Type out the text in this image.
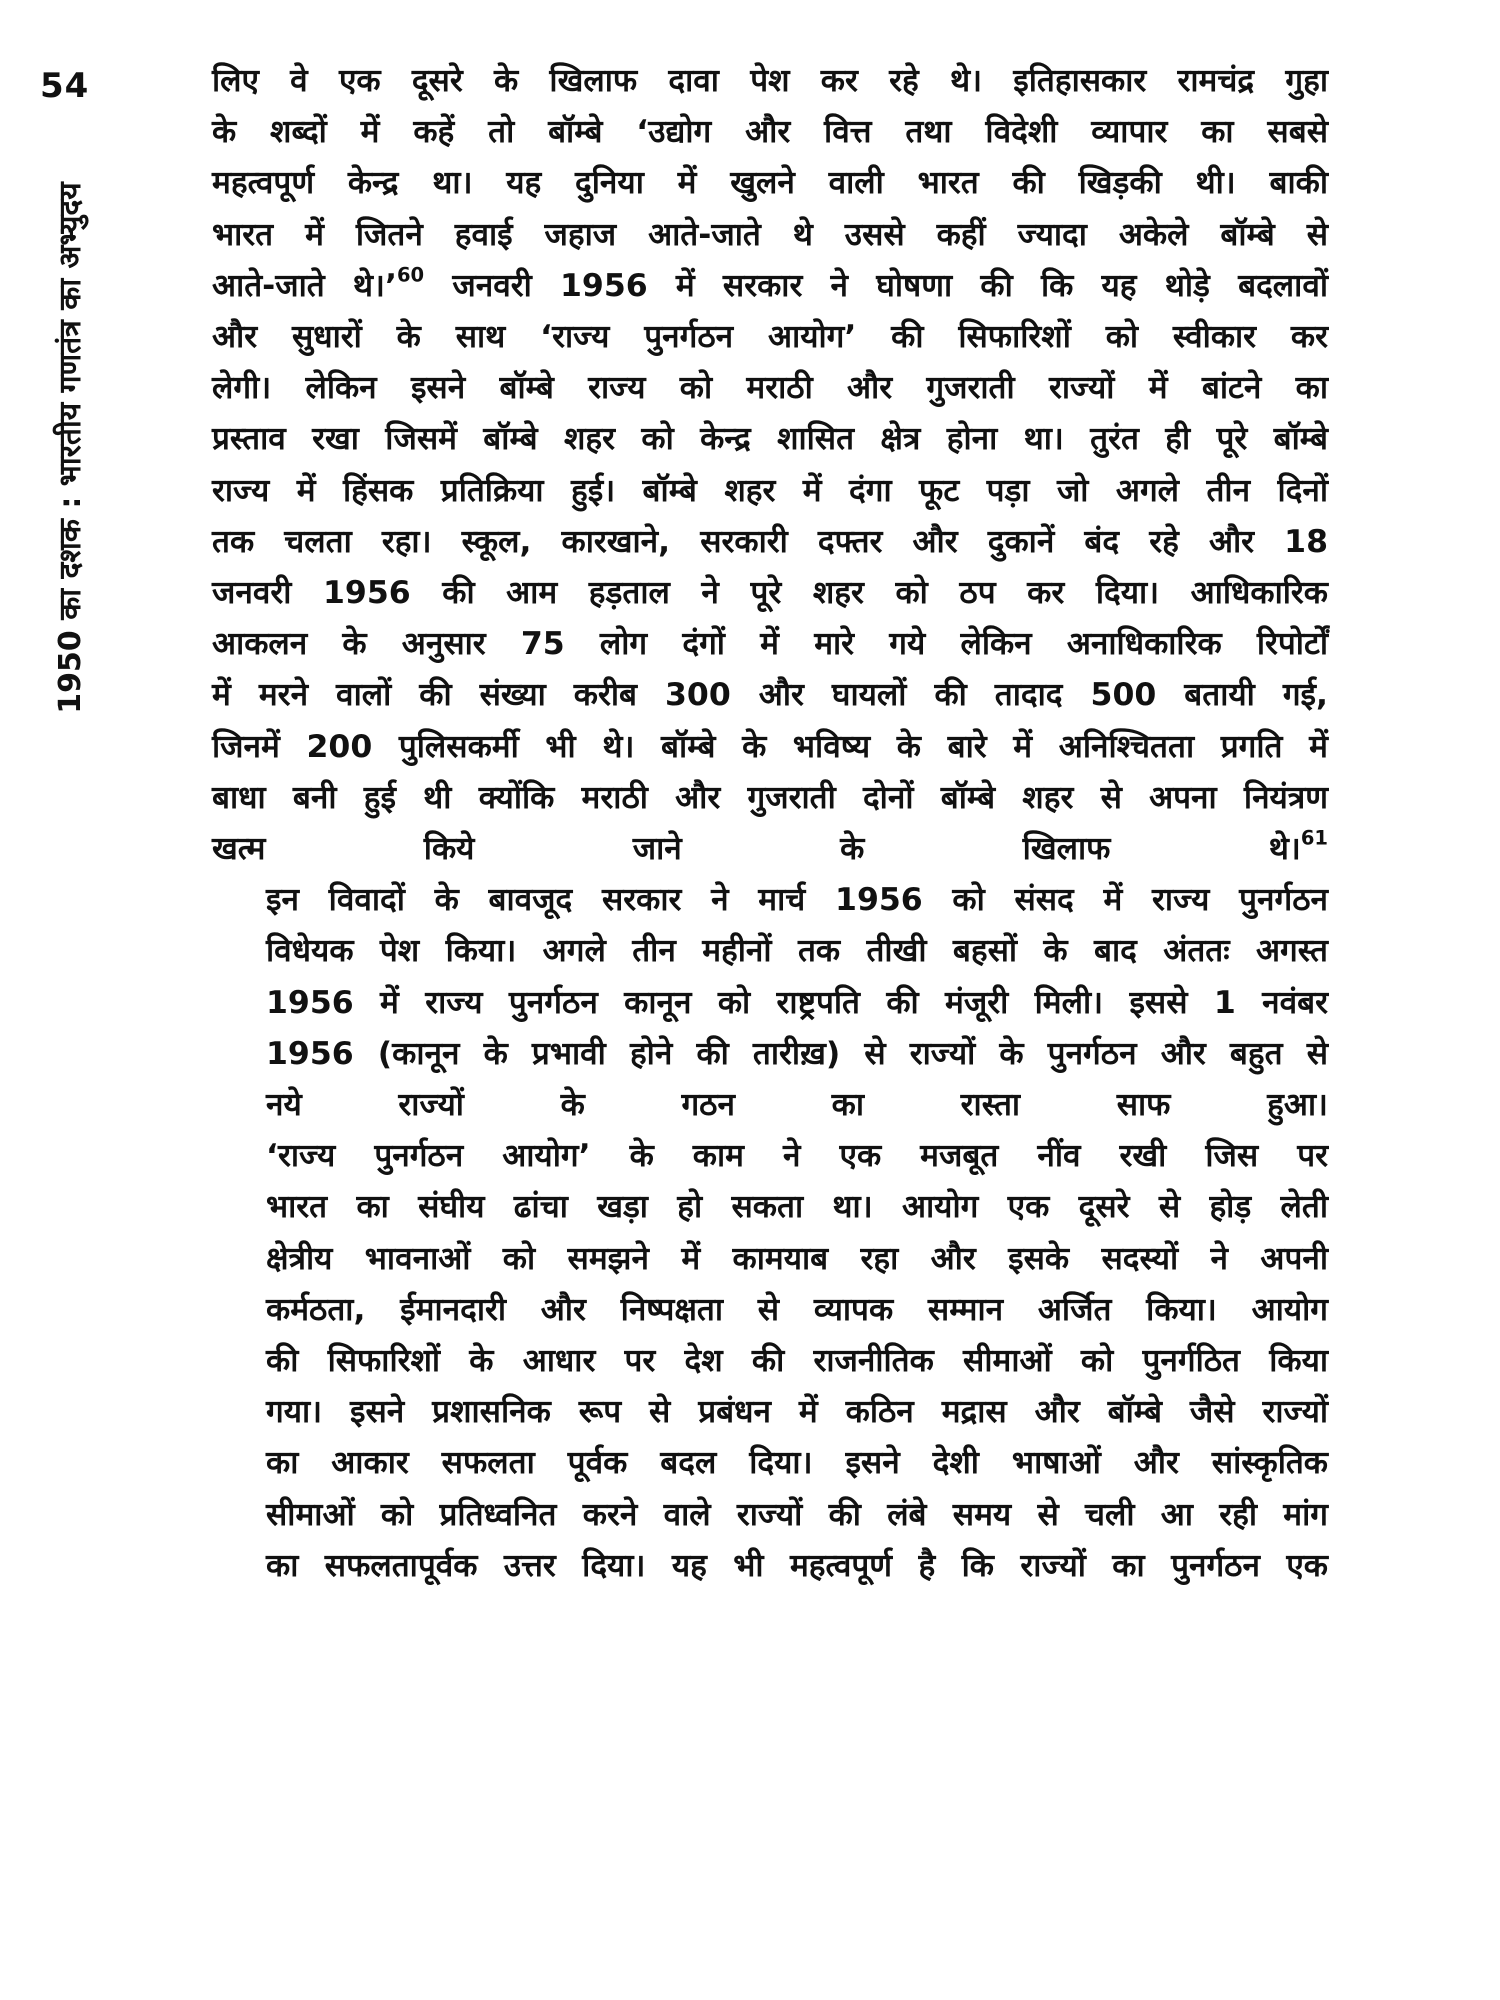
54
1950 का दशक : भारतीय गणतंत्र का अभ्युदय

लिए वे एक दूसरे के खिलाफ दावा पेश कर रहे थे। इतिहासकार रामचंद्र गुहा
के शब्दों में कहें तो बॉम्बे ‘उद्योग और वित्त तथा विदेशी व्यापार का सबसे
महत्वपूर्ण केन्द्र था। यह दुनिया में खुलने वाली भारत की खिड़की थी। बाकी
भारत में जितने हवाई जहाज आते-जाते थे उससे कहीं ज्यादा अकेले बॉम्बे से
आते-जाते थे।’$^{60}$ जनवरी 1956 में सरकार ने घोषणा की कि यह थोड़े बदलावों
और सुधारों के साथ ‘राज्य पुनर्गठन आयोग’ की सिफारिशों को स्वीकार कर
लेगी। लेकिन इसने बॉम्बे राज्य को मराठी और गुजराती राज्यों में बांटने का
प्रस्ताव रखा जिसमें बॉम्बे शहर को केन्द्र शासित क्षेत्र होना था। तुरंत ही पूरे बॉम्बे
राज्य में हिंसक प्रतिक्रिया हुई। बॉम्बे शहर में दंगा फूट पड़ा जो अगले तीन दिनों
तक चलता रहा। स्कूल, कारखाने, सरकारी दफ्तर और दुकानें बंद रहे और 18
जनवरी 1956 की आम हड़ताल ने पूरे शहर को ठप कर दिया। आधिकारिक
आकलन के अनुसार 75 लोग दंगों में मारे गये लेकिन अनाधिकारिक रिपोर्टों
में मरने वालों की संख्या करीब 300 और घायलों की तादाद 500 बतायी गई,
जिनमें 200 पुलिसकर्मी भी थे। बॉम्बे के भविष्य के बारे में अनिश्चितता प्रगति में
बाधा बनी हुई थी क्योंकि मराठी और गुजराती दोनों बॉम्बे शहर से अपना नियंत्रण
खत्म किये जाने के खिलाफ थे।$^{61}$

इन विवादों के बावजूद सरकार ने मार्च 1956 को संसद में राज्य पुनर्गठन
विधेयक पेश किया। अगले तीन महीनों तक तीखी बहसों के बाद अंततः अगस्त
1956 में राज्य पुनर्गठन कानून को राष्ट्रपति की मंजूरी मिली। इससे 1 नवंबर
1956 (कानून के प्रभावी होने की तारीख़) से राज्यों के पुनर्गठन और बहुत से
नये राज्यों के गठन का रास्ता साफ हुआ।

‘राज्य पुनर्गठन आयोग’ के काम ने एक मजबूत नींव रखी जिस पर
भारत का संघीय ढांचा खड़ा हो सकता था। आयोग एक दूसरे से होड़ लेती
क्षेत्रीय भावनाओं को समझने में कामयाब रहा और इसके सदस्यों ने अपनी
कर्मठता, ईमानदारी और निष्पक्षता से व्यापक सम्मान अर्जित किया। आयोग
की सिफारिशों के आधार पर देश की राजनीतिक सीमाओं को पुनर्गठित किया
गया। इसने प्रशासनिक रूप से प्रबंधन में कठिन मद्रास और बॉम्बे जैसे राज्यों
का आकार सफलता पूर्वक बदल दिया। इसने देशी भाषाओं और सांस्कृतिक
सीमाओं को प्रतिध्वनित करने वाले राज्यों की लंबे समय से चली आ रही मांग
का सफलतापूर्वक उत्तर दिया। यह भी महत्वपूर्ण है कि राज्यों का पुनर्गठन एक
